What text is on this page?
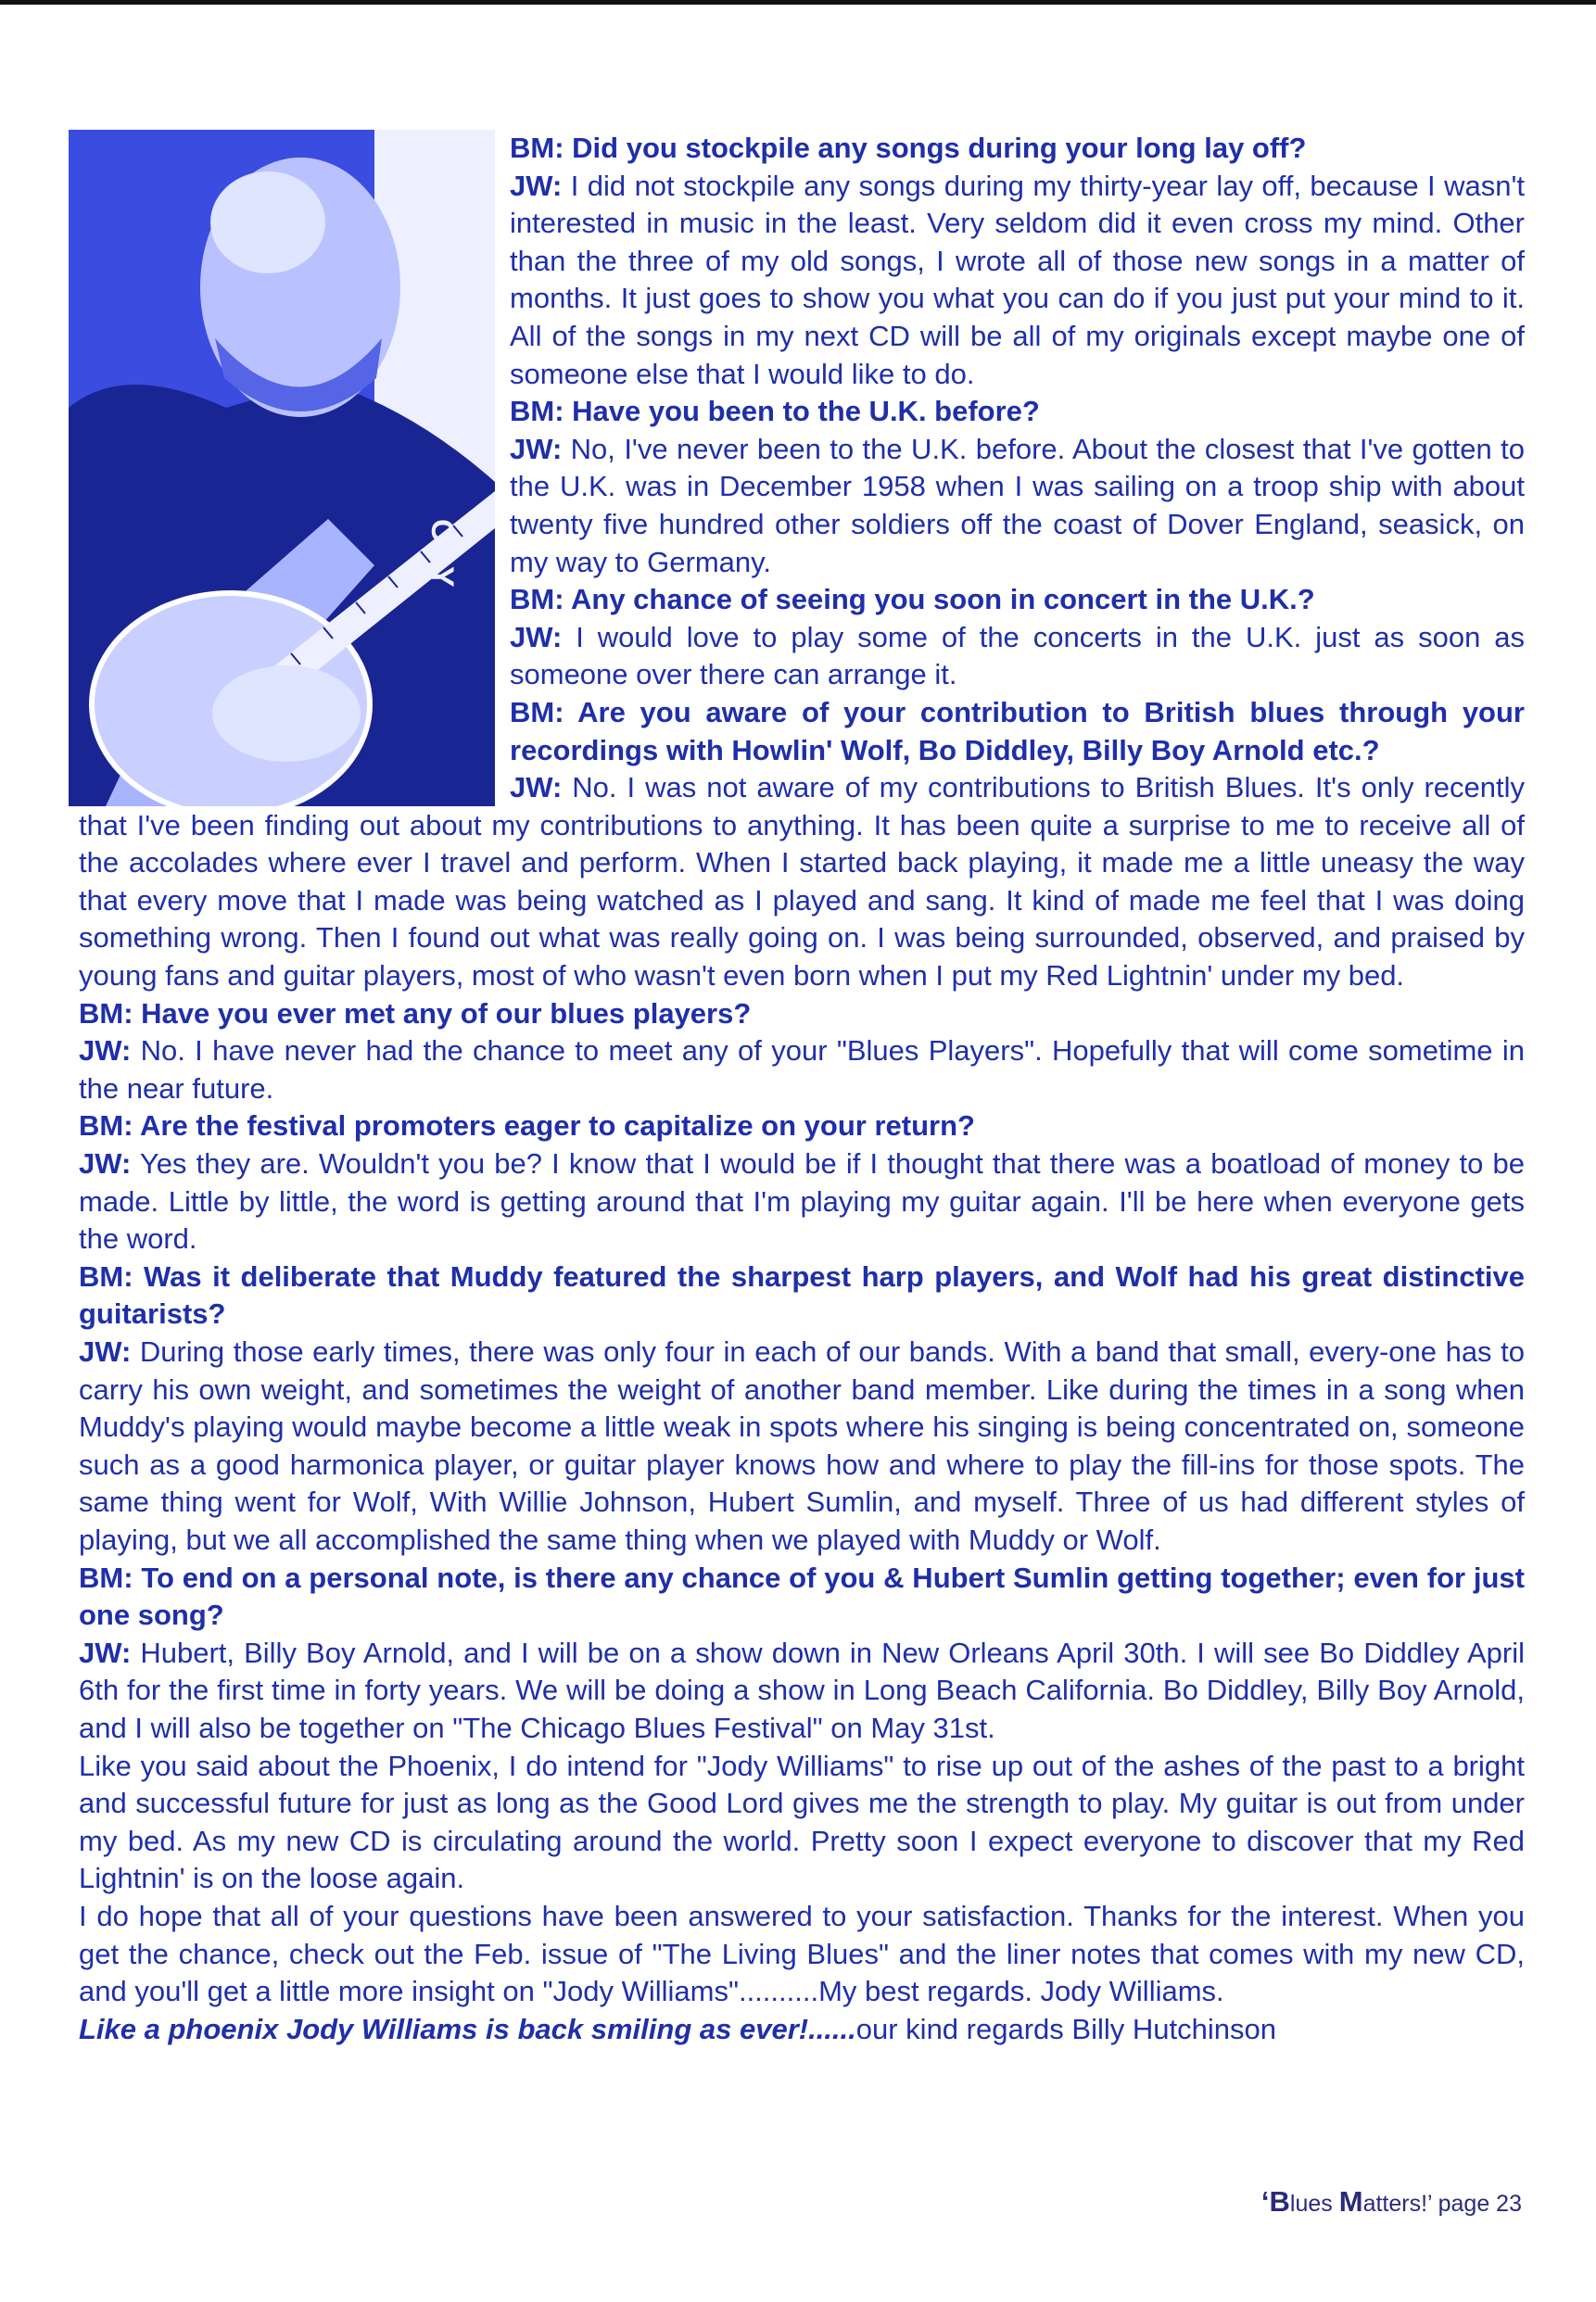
ODY

BM: Did you stockpile any songs during your long lay off?

JW: I did not stockpile any songs during my thirty-year lay off, because I wasn't interested in music in the least. Very seldom did it even cross my mind. Other than the three of my old songs, I wrote all of those new songs in a matter of months. It just goes to show you what you can do if you just put your mind to it. All of the songs in my next CD will be all of my originals except maybe one of someone else that I would like to do.

BM: Have you been to the U.K. before?

JW: No, I've never been to the U.K. before. About the closest that I've gotten to the U.K. was in December 1958 when I was sailing on a troop ship with about twenty five hundred other soldiers off the coast of Dover England, seasick, on my way to Germany.

BM: Any chance of seeing you soon in concert in the U.K.?

JW: I would love to play some of the concerts in the U.K. just as soon as someone over there can arrange it.

BM: Are you aware of your contribution to British blues through your recordings with Howlin' Wolf, Bo Diddley, Billy Boy Arnold etc.?

JW: No. I was not aware of my contributions to British Blues. It's only recently that I've been finding out about my contributions to anything. It has been quite a surprise to me to receive all of the accolades where ever I travel and perform. When I started back playing, it made me a little uneasy the way that every move that I made was being watched as I played and sang. It kind of made me feel that I was doing something wrong. Then I found out what was really going on. I was being surrounded, observed, and praised by young fans and guitar players, most of who wasn't even born when I put my Red Lightnin' under my bed.

BM: Have you ever met any of our blues players?

JW: No. I have never had the chance to meet any of your "Blues Players". Hopefully that will come sometime in the near future.

BM: Are the festival promoters eager to capitalize on your return?

JW: Yes they are. Wouldn't you be? I know that I would be if I thought that there was a boatload of money to be made. Little by little, the word is getting around that I'm playing my guitar again. I'll be here when everyone gets the word.

BM: Was it deliberate that Muddy featured the sharpest harp players, and Wolf had his great distinctive guitarists?

JW: During those early times, there was only four in each of our bands. With a band that small, every-one has to carry his own weight, and sometimes the weight of another band member. Like during the times in a song when Muddy's playing would maybe become a little weak in spots where his singing is being concentrated on, someone such as a good harmonica player, or guitar player knows how and where to play the fill-ins for those spots. The same thing went for Wolf, With Willie Johnson, Hubert Sumlin, and myself. Three of us had different styles of playing, but we all accomplished the same thing when we played with Muddy or Wolf.

BM: To end on a personal note, is there any chance of you & Hubert Sumlin getting together; even for just one song?

JW: Hubert, Billy Boy Arnold, and I will be on a show down in New Orleans April 30th. I will see Bo Diddley April 6th for the first time in forty years. We will be doing a show in Long Beach California. Bo Diddley, Billy Boy Arnold, and I will also be together on "The Chicago Blues Festival" on May 31st.

Like you said about the Phoenix, I do intend for "Jody Williams" to rise up out of the ashes of the past to a bright and successful future for just as long as the Good Lord gives me the strength to play. My guitar is out from under my bed. As my new CD is circulating around the world. Pretty soon I expect everyone to discover that my Red Lightnin' is on the loose again.

I do hope that all of your questions have been answered to your satisfaction. Thanks for the interest. When you get the chance, check out the Feb. issue of "The Living Blues" and the liner notes that comes with my new CD, and you'll get a little more insight on "Jody Williams"..........My best regards. Jody Williams.

Like a phoenix Jody Williams is back smiling as ever!......our kind regards Billy Hutchinson

‘Blues Matters!’ page 23
